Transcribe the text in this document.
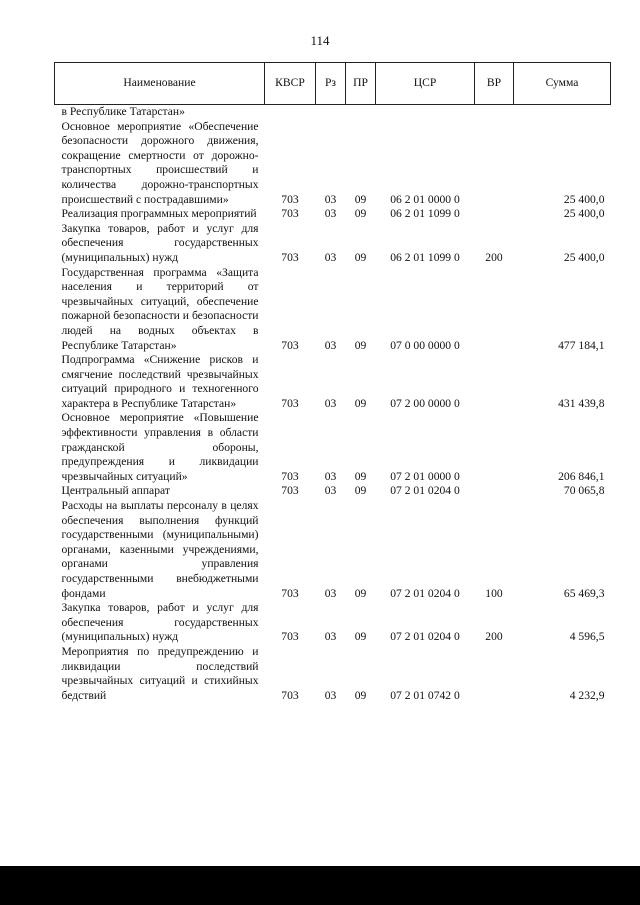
114
Наименование	КВСР	Рз	ПР	ЦСР	ВР	Сумма
в Республике Татарстан»						
Основное мероприятие «Обеспечение безопасности дорожного движения, сокращение смертности от дорожно-транспортных происшествий и количества дорожно-транспортных происшествий с пострадавшими»	703	03	09	06 2 01 0000 0		25 400,0
Реализация программных мероприятий	703	03	09	06 2 01 1099 0		25 400,0
Закупка товаров, работ и услуг для обеспечения государственных (муниципальных) нужд	703	03	09	06 2 01 1099 0	200	25 400,0
Государственная программа «Защита населения и территорий от чрезвычайных ситуаций, обеспечение пожарной безопасности и безопасности людей на водных объектах в Республике Татарстан»	703	03	09	07 0 00 0000 0		477 184,1
Подпрограмма «Снижение рисков и смягчение последствий чрезвычайных ситуаций природного и техногенного характера в Республике Татарстан»	703	03	09	07 2 00 0000 0		431 439,8
Основное мероприятие «Повышение эффективности управления в области гражданской обороны, предупреждения и ликвидации чрезвычайных ситуаций»	703	03	09	07 2 01 0000 0		206 846,1
Центральный аппарат	703	03	09	07 2 01 0204 0		70 065,8
Расходы на выплаты персоналу в целях обеспечения выполнения функций государственными (муниципальными) органами, казенными учреждениями, органами управления государственными внебюджетными фондами	703	03	09	07 2 01 0204 0	100	65 469,3
Закупка товаров, работ и услуг для обеспечения государственных (муниципальных) нужд	703	03	09	07 2 01 0204 0	200	4 596,5
Мероприятия по предупреждению и ликвидации последствий чрезвычайных ситуаций и стихийных бедствий	703	03	09	07 2 01 0742 0		4 232,9
